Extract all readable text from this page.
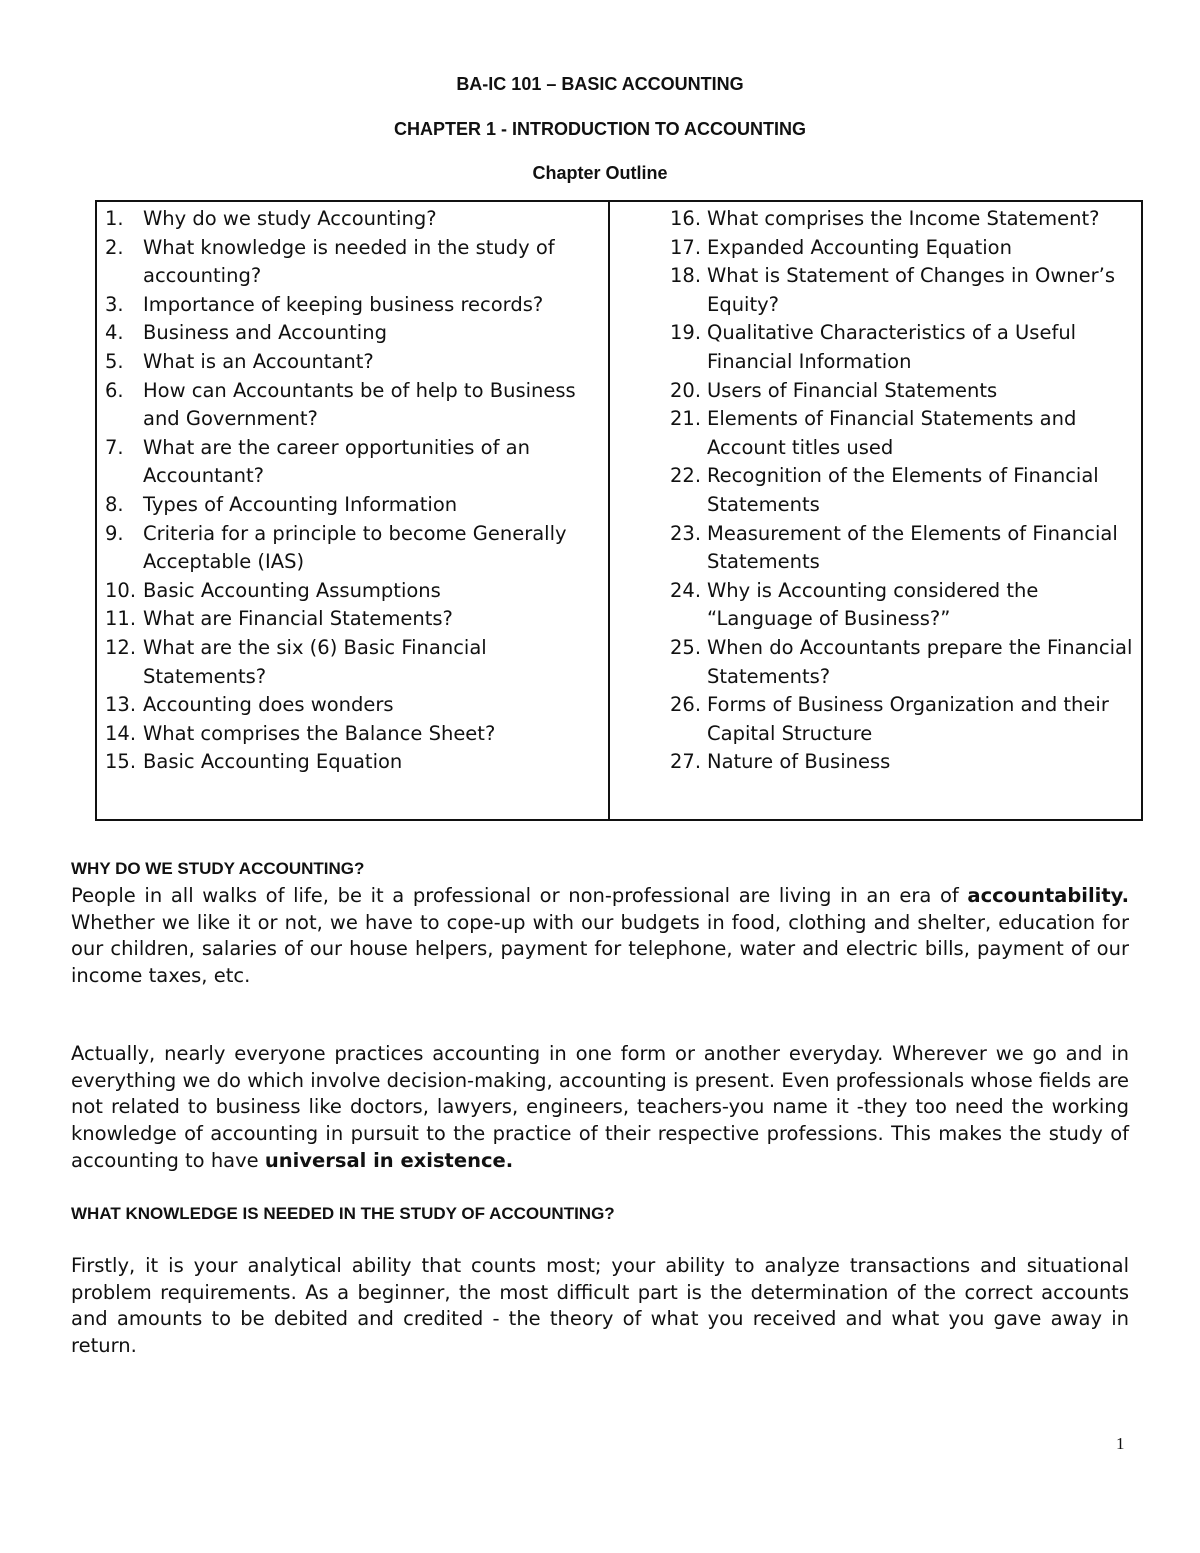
BA-IC 101 – BASIC ACCOUNTING
CHAPTER 1 - INTRODUCTION TO ACCOUNTING
Chapter Outline
1. Why do we study Accounting?
2. What knowledge is needed in the study of accounting?
3. Importance of keeping business records?
4. Business and Accounting
5. What is an Accountant?
6. How can Accountants be of help to Business and Government?
7. What are the career opportunities of an Accountant?
8. Types of Accounting Information
9. Criteria for a principle to become Generally Acceptable (IAS)
10. Basic Accounting Assumptions
11. What are Financial Statements?
12. What are the six (6) Basic Financial Statements?
13. Accounting does wonders
14. What comprises the Balance Sheet?
15. Basic Accounting Equation
16. What comprises the Income Statement?
17. Expanded Accounting Equation
18. What is Statement of Changes in Owner’s Equity?
19. Qualitative Characteristics of a Useful Financial Information
20. Users of Financial Statements
21. Elements of Financial Statements and Account titles used
22. Recognition of the Elements of Financial Statements
23. Measurement of the Elements of Financial Statements
24. Why is Accounting considered the “Language of Business?”
25. When do Accountants prepare the Financial Statements?
26. Forms of Business Organization and their Capital Structure
27. Nature of Business
WHY DO WE STUDY ACCOUNTING?

People in all walks of life, be it a professional or non-professional are living in an era of accountability. Whether we like it or not, we have to cope-up with our budgets in food, clothing and shelter, education for our children, salaries of our house helpers, payment for telephone, water and electric bills, payment of our income taxes, etc.

Actually, nearly everyone practices accounting in one form or another everyday. Wherever we go and in everything we do which involve decision-making, accounting is present. Even professionals whose fields are not related to business like doctors, lawyers, engineers, teachers-you name it -they too need the working knowledge of accounting in pursuit to the practice of their respective professions. This makes the study of accounting to have universal in existence.

WHAT KNOWLEDGE IS NEEDED IN THE STUDY OF ACCOUNTING?

Firstly, it is your analytical ability that counts most; your ability to analyze transactions and situational problem requirements. As a beginner, the most difficult part is the determination of the correct accounts and amounts to be debited and credited - the theory of what you received and what you gave away in return.

1
